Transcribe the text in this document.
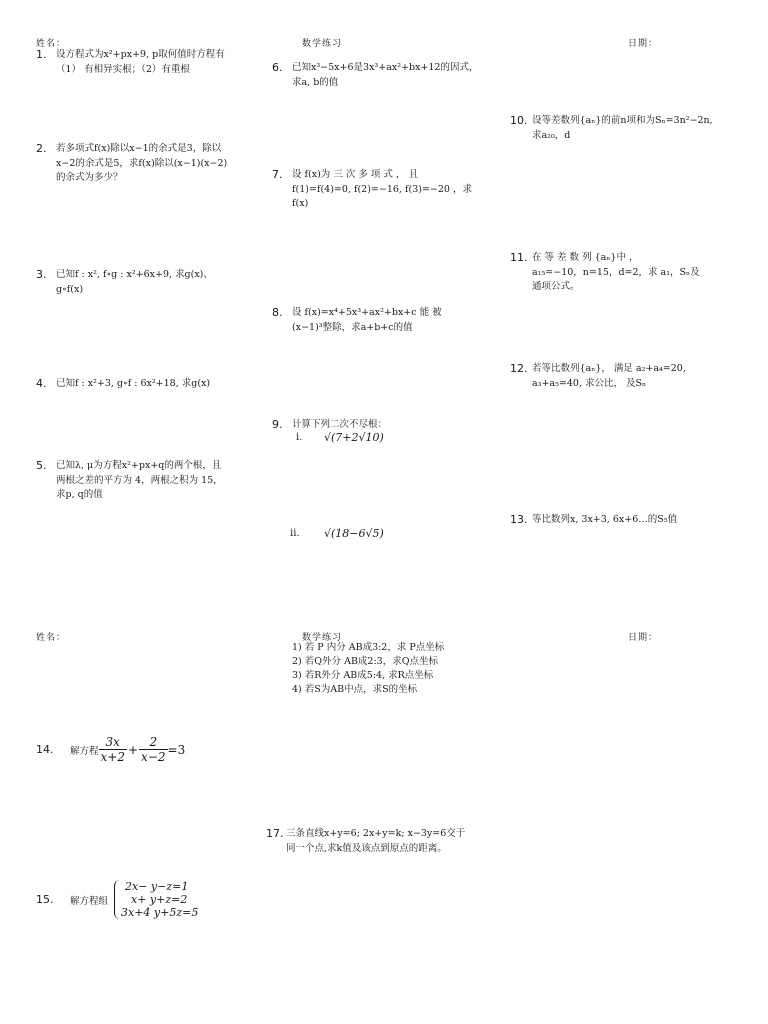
姓名：	数学练习	日期：
1. 设方程式为x²+px+9, p取何值时方程有
（1） 有相异实根；（2）有重根
2. 若多项式f(x)除以x−1的余式是3，除以
x−2的余式是5，求f(x)除以(x−1)(x−2)
的余式为多少？
3. 已知f : x², f∘g : x²+6x+9, 求g(x)、
g∘f(x)
4. 已知f : x²+3, g∘f : 6x²+18, 求g(x)
5. 已知λ, μ为方程x²+px+q的两个根，且
两根之差的平方为 4，两根之积为 15，
求p, q的值
6. 已知x³−5x+6是3x³+ax²+bx+12的因式，
求a, b的值
7. 设 f(x)为 三 次 多 项 式 ， 且
f(1)=f(4)=0, f(2)=−16, f(3)=−20 ，求
f(x)
8. 设 f(x)=x⁴+5x³+ax²+bx+c 能 被
(x−1)³整除，求a+b+c的值
9. 计算下列二次不尽根：
i. √(7+2√10)
ii. √(18−6√5)
10. 设等差数列{aₙ}的前n项和为Sₙ=3n²−2n,
求a₂₀，d
11. 在 等 差 数 列 {aₙ}中 ，
a₁₅=−10，n=15，d=2，求 a₁，Sₙ及
通项公式。
12. 若等比数列{aₙ}， 满足 a₂+a₄=20,
a₃+a₅=40, 求公比， 及Sₙ
13. 等比数列x, 3x+3, 6x+6…的S₅值
姓名：	数学练习	日期：
1) 若 P 内分 AB成3:2，求 P点坐标
2) 若Q外分 AB成2:3，求Q点坐标
3) 若R外分 AB成5:4, 求R点坐标
4) 若S为AB中点，求S的坐标
14.	解方程 $\frac{3x}{x+2} + \frac{2}{x-2} =3$
17. 三条直线x+y=6; 2x+y=k; x−3y=6交于
同一个点,求k值及该点到原点的距离。
15.	解方程组
2x− y−z=1
x+ y+z=2
3x+4 y+5z=5
